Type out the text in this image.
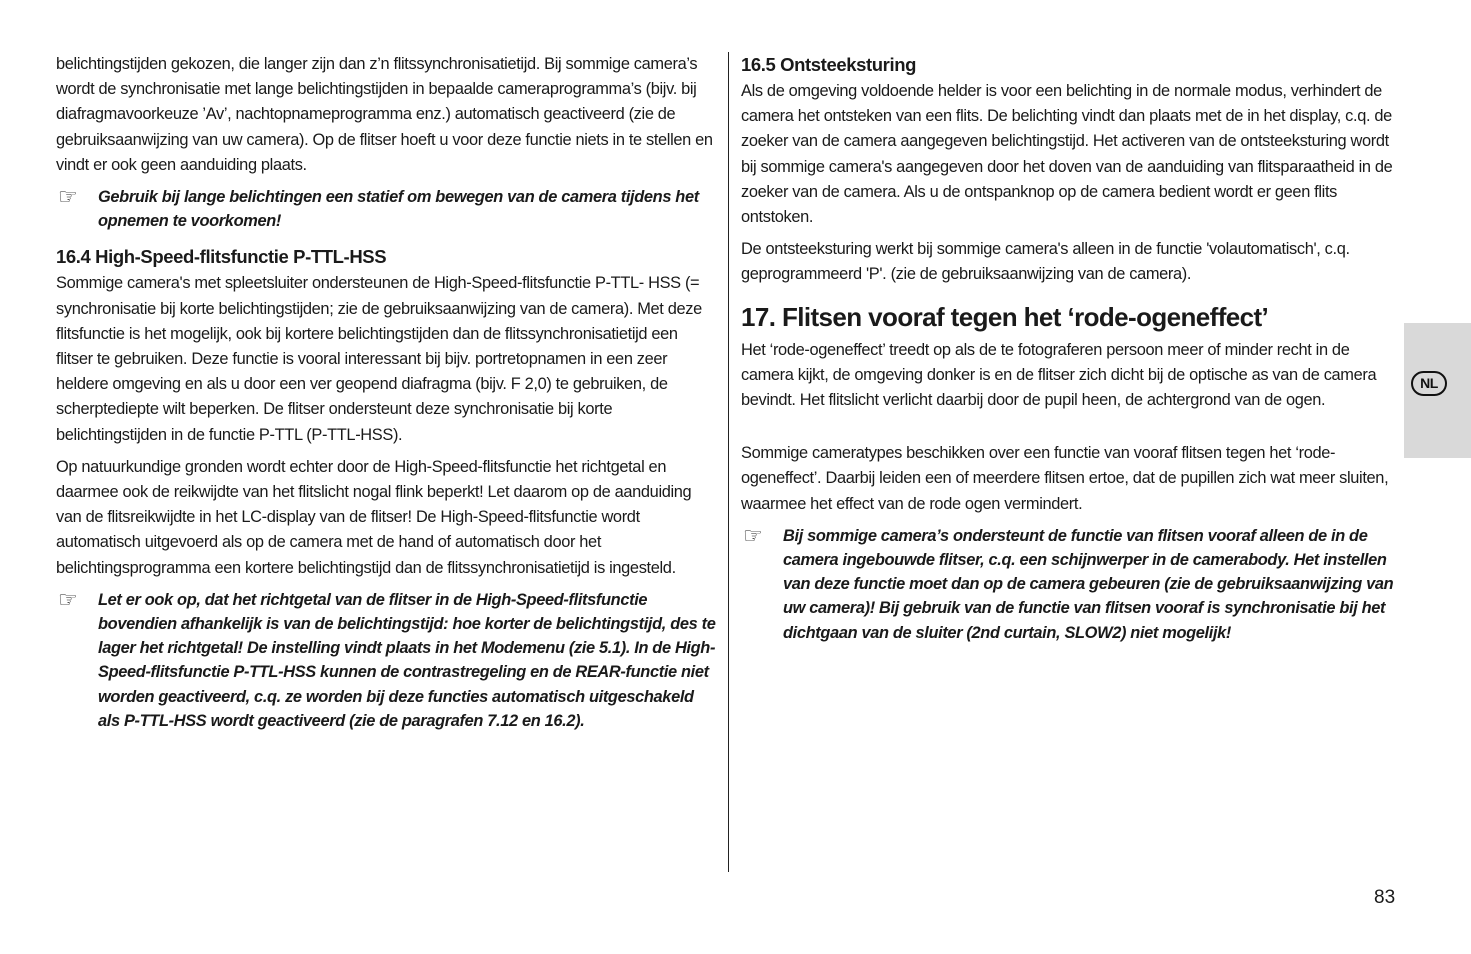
belichtingstijden gekozen, die langer zijn dan z’n flitssynchronisatietijd. Bij sommige camera’s wordt de synchronisatie met lange belichtingstijden in bepaalde cameraprogramma’s (bijv. bij diafragmavoorkeuze ’Av’, nachtopnameprogramma enz.) automatisch geactiveerd (zie de gebruiksaanwijzing van uw camera). Op de flitser hoeft u voor deze functie niets in te stellen en vindt er ook geen aanduiding plaats.

☞ Gebruik bij lange belichtingen een statief om bewegen van de camera tijdens het opnemen te voorkomen!
16.4 High-Speed-flitsfunctie P-TTL-HSS

Sommige camera's met spleetsluiter ondersteunen de High-Speed-flitsfunctie P-TTL- HSS (= synchronisatie bij korte belichtingstijden; zie de gebruiksaanwijzing van de camera). Met deze flitsfunctie is het mogelijk, ook bij kortere belichtingstijden dan de flitssynchronisatietijd een flitser te gebruiken. Deze functie is vooral interessant bij bijv. portretopnamen in een zeer heldere omgeving en als u door een ver geopend diafragma (bijv. F 2,0) te gebruiken, de scherptediepte wilt beperken. De flitser ondersteunt deze synchronisatie bij korte belichtingstijden in de functie P-TTL (P-TTL-HSS).

Op natuurkundige gronden wordt echter door de High-Speed-flitsfunctie het richtgetal en daarmee ook de reikwijdte van het flitslicht nogal flink beperkt! Let daarom op de aanduiding van de flitsreikwijdte in het LC-display van de flitser! De High-Speed-flitsfunctie wordt automatisch uitgevoerd als op de camera met de hand of automatisch door het belichtingsprogramma een kortere belichtingstijd dan de flitssynchronisatietijd is ingesteld.

☞ Let er ook op, dat het richtgetal van de flitser in de High-Speed-flitsfunctie bovendien afhankelijk is van de belichtingstijd: hoe korter de belichtingstijd, des te lager het richtgetal! De instelling vindt plaats in het Modemenu (zie 5.1). In de High-Speed-flitsfunctie P-TTL-HSS kunnen de contrastregeling en de REAR-functie niet worden geactiveerd, c.q. ze worden bij deze functies automatisch uitgeschakeld als P-TTL-HSS wordt geactiveerd (zie de paragrafen 7.12 en 16.2).
16.5 Ontsteeksturing

Als de omgeving voldoende helder is voor een belichting in de normale modus, verhindert de camera het ontsteken van een flits. De belichting vindt dan plaats met de in het display, c.q. de zoeker van de camera aangegeven belichtingstijd. Het activeren van de ontsteeksturing wordt bij sommige camera's aangegeven door het doven van de aanduiding van flitsparaatheid in de zoeker van de camera. Als u de ontspanknop op de camera bedient wordt er geen flits ontstoken.

De ontsteeksturing werkt bij sommige camera's alleen in de functie 'volautomatisch', c.q. geprogrammeerd 'P'. (zie de gebruiksaanwijzing van de camera).

17. Flitsen vooraf tegen het ‘rode-ogeneffect’

Het ‘rode-ogeneffect’ treedt op als de te fotograferen persoon meer of minder recht in de camera kijkt, de omgeving donker is en de flitser zich dicht bij de optische as van de camera bevindt. Het flitslicht verlicht daarbij door de pupil heen, de achtergrond van de ogen.

Sommige cameratypes beschikken over een functie van vooraf flitsen tegen het ‘rode-ogeneffect’. Daarbij leiden een of meerdere flitsen ertoe, dat de pupillen zich wat meer sluiten, waarmee het effect van de rode ogen vermindert.

☞ Bij sommige camera’s ondersteunt de functie van flitsen vooraf alleen de in de camera ingebouwde flitser, c.q. een schijnwerper in de camerabody. Het instellen van deze functie moet dan op de camera gebeuren (zie de gebruiksaanwijzing van uw camera)! Bij gebruik van de functie van flitsen vooraf is synchronisatie bij het dichtgaan van de sluiter (2nd curtain, SLOW2) niet mogelijk!
NL
83
